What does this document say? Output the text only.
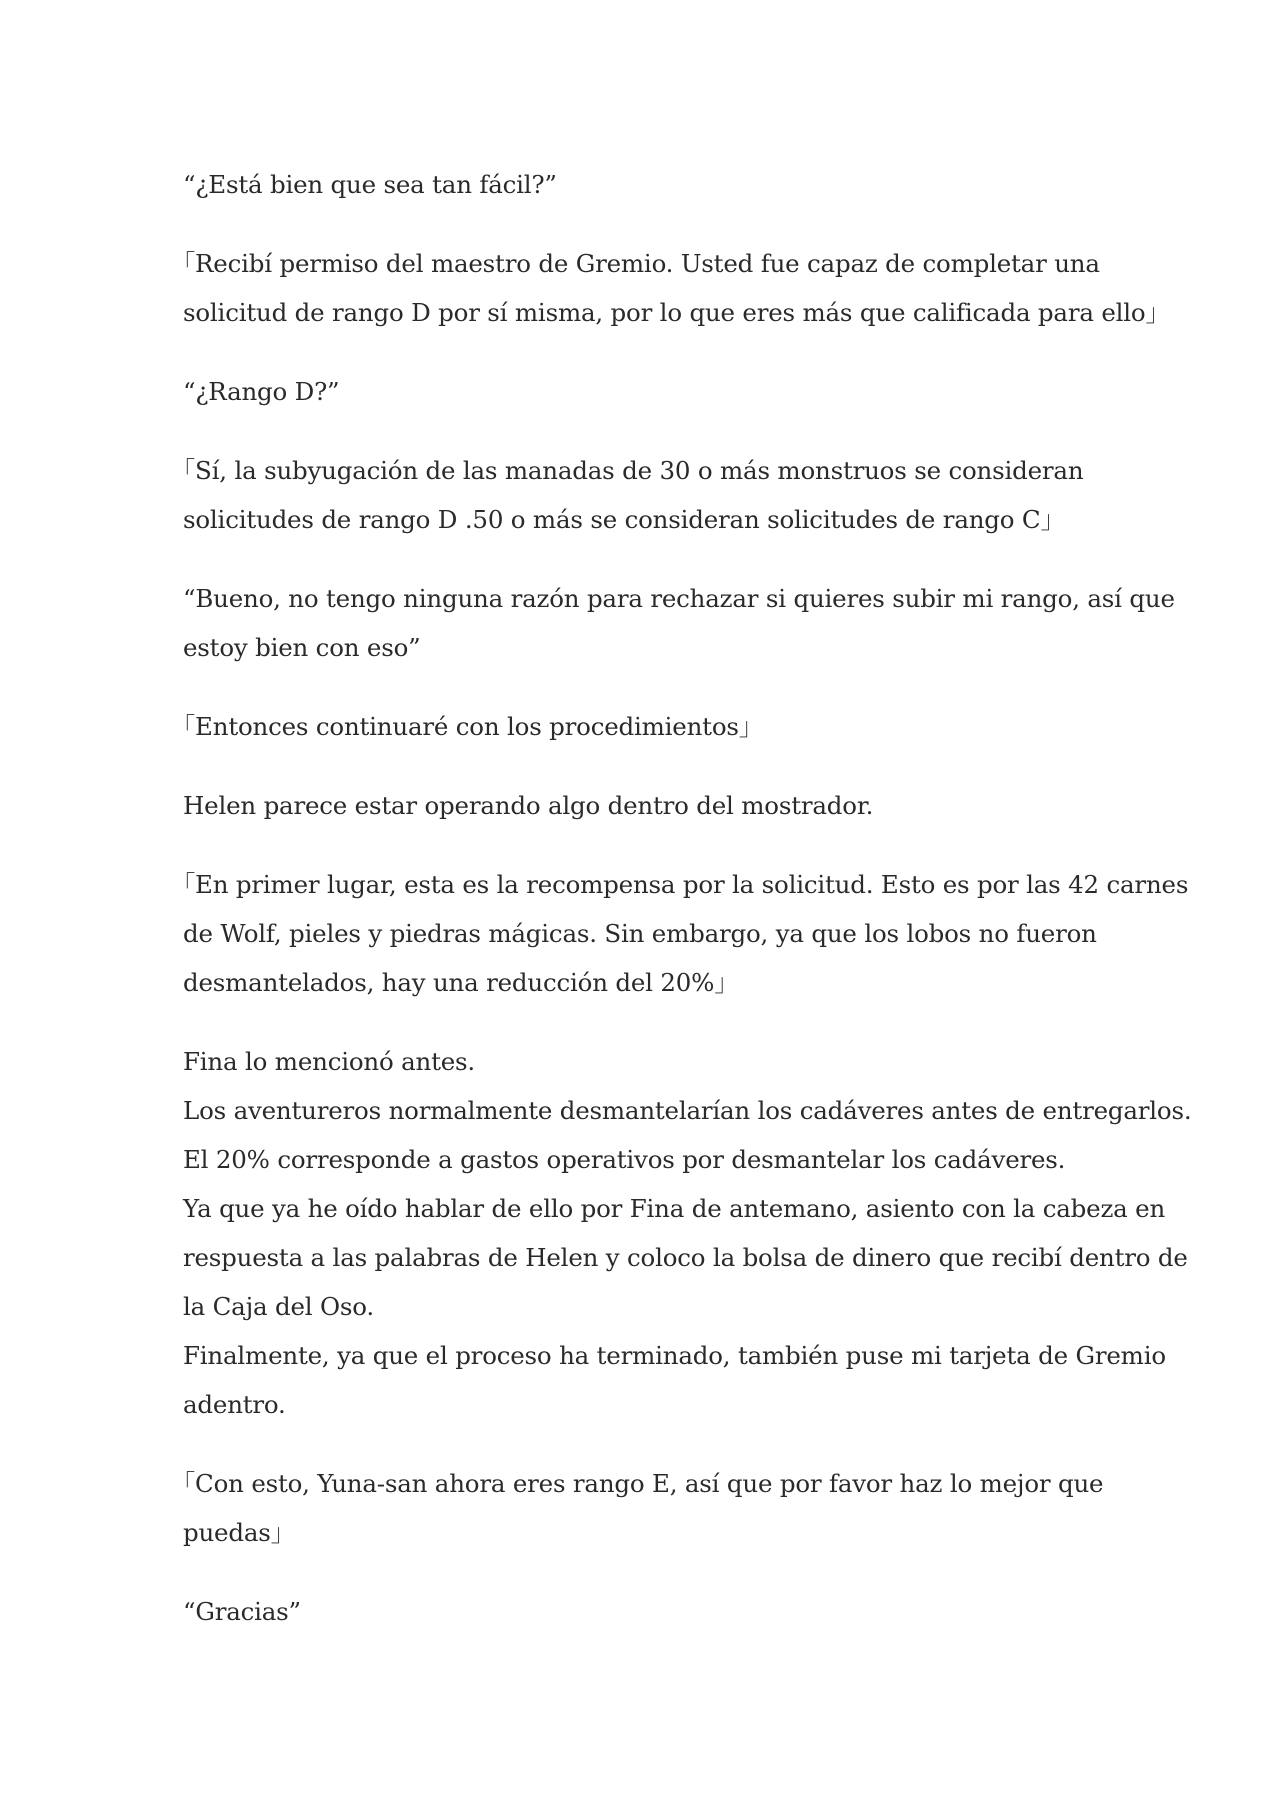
“¿Está bien que sea tan fácil?”

｢Recibí permiso del maestro de Gremio. Usted fue capaz de completar una
solicitud de rango D por sí misma, por lo que eres más que calificada para ello｣

“¿Rango D?”

｢Sí, la subyugación de las manadas de 30 o más monstruos se consideran
solicitudes de rango D .50 o más se consideran solicitudes de rango C｣

“Bueno, no tengo ninguna razón para rechazar si quieres subir mi rango, así que
estoy bien con eso”

｢Entonces continuaré con los procedimientos｣

Helen parece estar operando algo dentro del mostrador.

｢En primer lugar, esta es la recompensa por la solicitud. Esto es por las 42 carnes
de Wolf, pieles y piedras mágicas. Sin embargo, ya que los lobos no fueron
desmantelados, hay una reducción del 20%｣

Fina lo mencionó antes.
Los aventureros normalmente desmantelarían los cadáveres antes de entregarlos.
El 20% corresponde a gastos operativos por desmantelar los cadáveres.
Ya que ya he oído hablar de ello por Fina de antemano, asiento con la cabeza en
respuesta a las palabras de Helen y coloco la bolsa de dinero que recibí dentro de
la Caja del Oso.
Finalmente, ya que el proceso ha terminado, también puse mi tarjeta de Gremio
adentro.

｢Con esto, Yuna-san ahora eres rango E, así que por favor haz lo mejor que
puedas｣

“Gracias”
